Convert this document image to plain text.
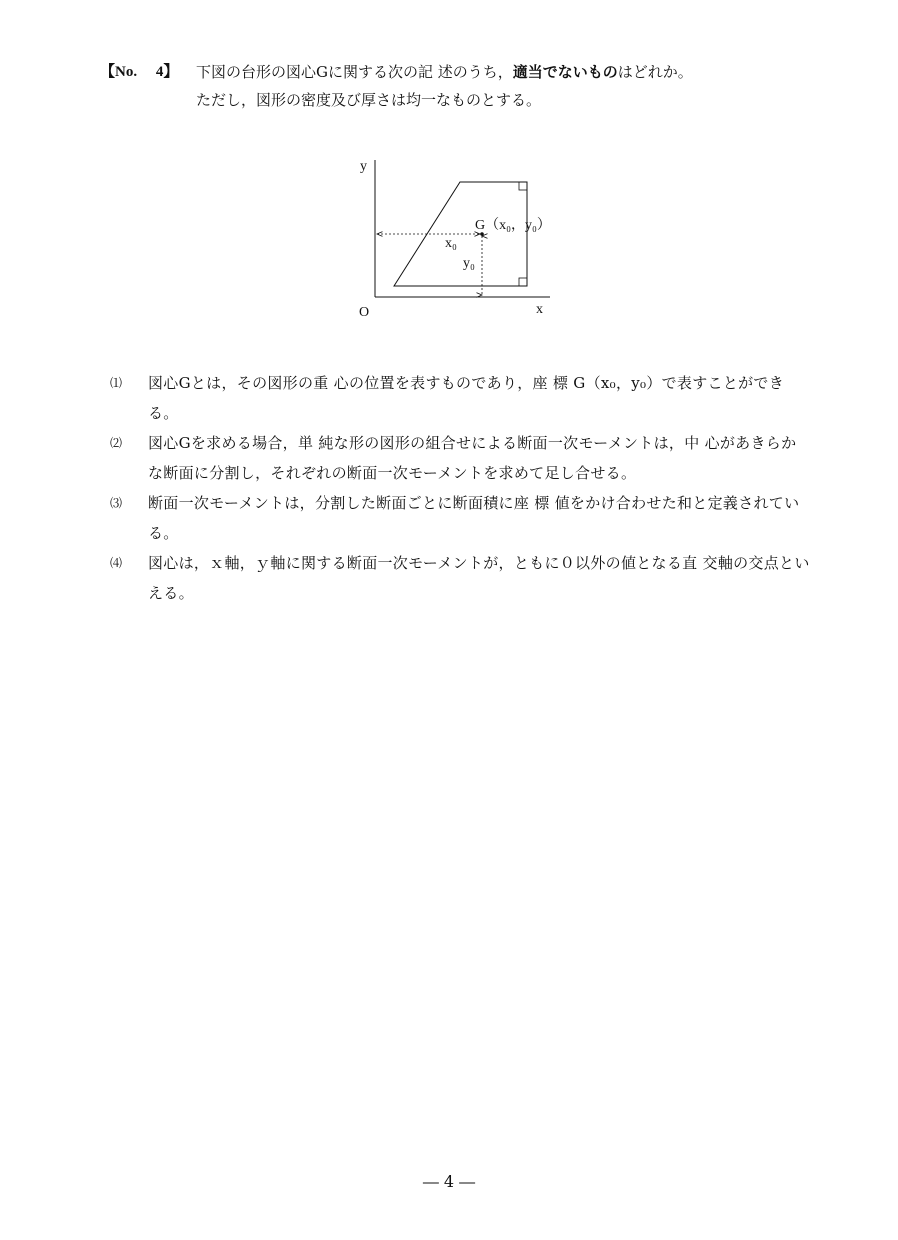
【No.　 4】 下図の台形の図心Gに関する次の記 述のうち，適当でないものはどれか。
ただし，図形の密度及び厚さは均一なものとする。
y
x
O
G（x₀，y₀）
x₀
y₀
⑴ 図心Gとは，その図形の重 心の位置を表すものであり，座 標 G（x₀，y₀）で表すことができる。
⑵ 図心Gを求める場合，単 純な形の図形の組合せによる断面一次モーメントは，中 心があきらかな断面に分割し，それぞれの断面一次モーメントを求めて足し合せる。
⑶ 断面一次モーメントは，分割した断面ごとに断面積に座 標 値をかけ合わせた和と定義されている。
⑷ 図心は，ｘ軸，ｙ軸に関する断面一次モーメントが，ともに０以外の値となる直 交軸の交点といえる。
― 4 ―
